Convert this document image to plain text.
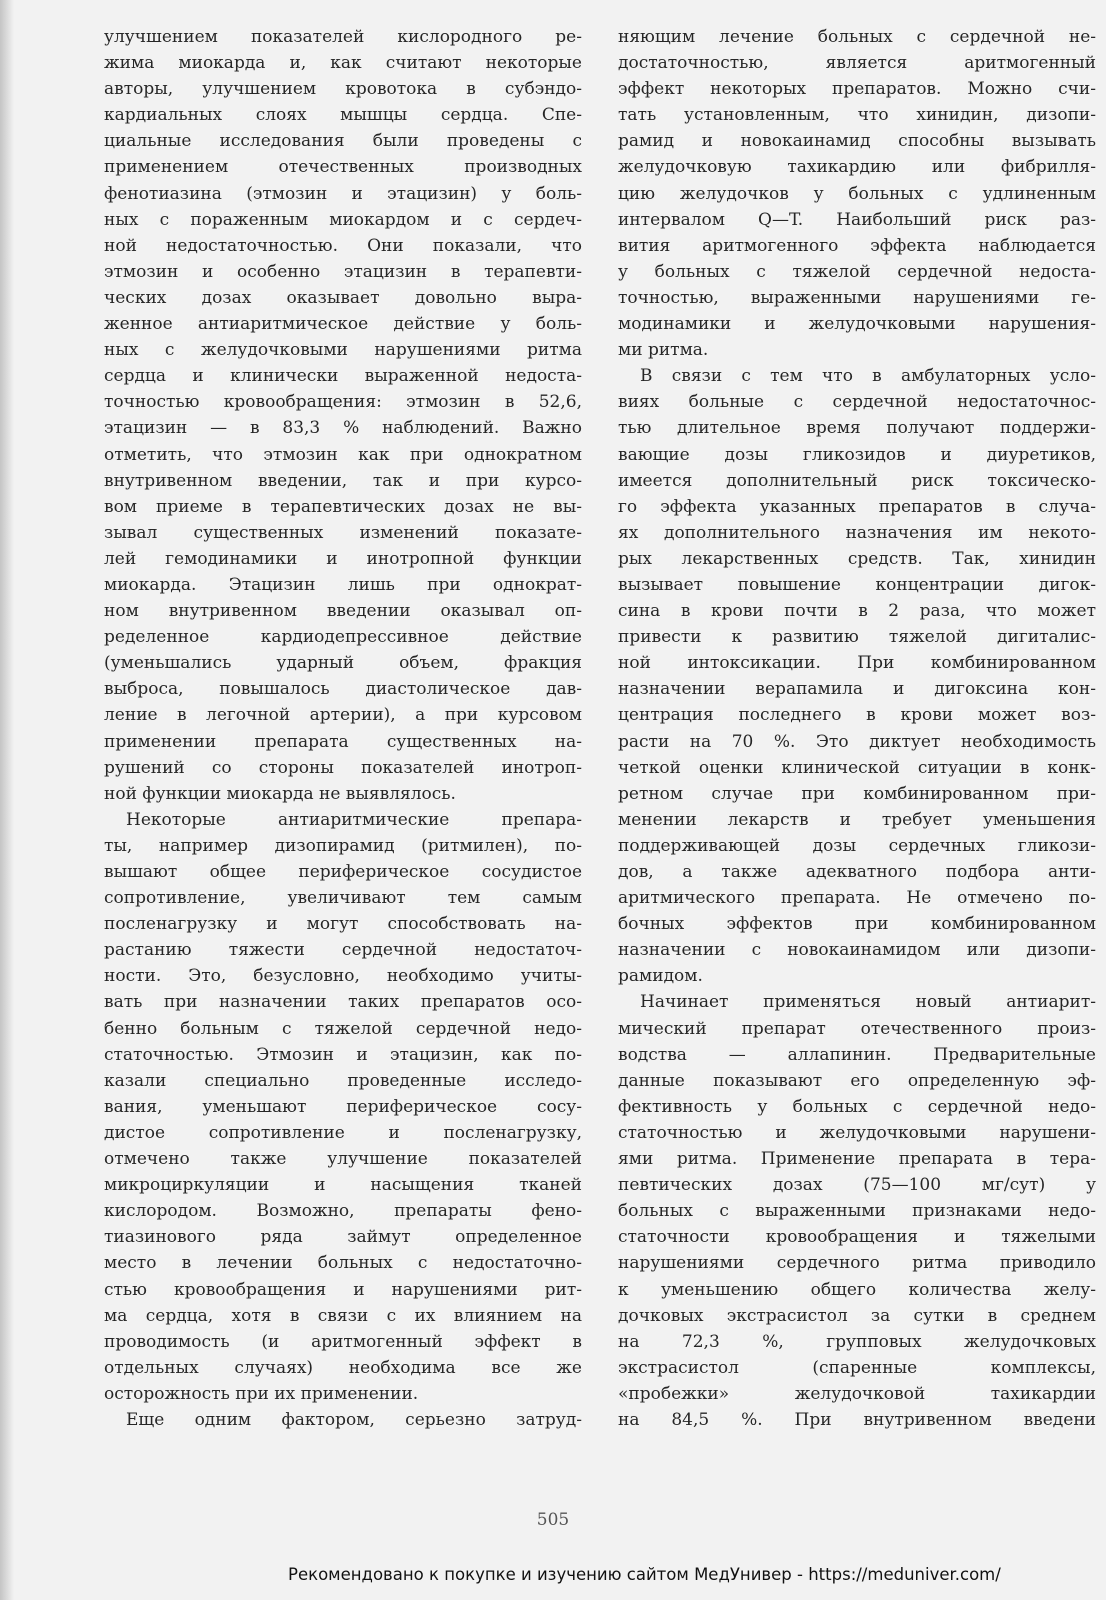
улучшением показателей кислородного ре-
жима миокарда и, как считают некоторые
авторы, улучшением кровотока в субэндо-
кардиальных слоях мышцы сердца. Спе-
циальные исследования были проведены с
применением отечественных производных
фенотиазина (этмозин и этацизин) у боль-
ных с пораженным миокардом и с сердеч-
ной недостаточностью. Они показали, что
этмозин и особенно этацизин в терапевти-
ческих дозах оказывает довольно выра-
женное антиаритмическое действие у боль-
ных с желудочковыми нарушениями ритма
сердца и клинически выраженной недоста-
точностью кровообращения: этмозин в 52,6,
этацизин — в 83,3 % наблюдений. Важно
отметить, что этмозин как при однократном
внутривенном введении, так и при курсо-
вом приеме в терапевтических дозах не вы-
зывал существенных изменений показате-
лей гемодинамики и инотропной функции
миокарда. Этацизин лишь при однократ-
ном внутривенном введении оказывал оп-
ределенное кардиодепрессивное действие
(уменьшались ударный объем, фракция
выброса, повышалось диастолическое дав-
ление в легочной артерии), а при курсовом
применении препарата существенных на-
рушений со стороны показателей инотроп-
ной функции миокарда не выявлялось.
Некоторые антиаритмические препара-
ты, например дизопирамид (ритмилен), по-
вышают общее периферическое сосудистое
сопротивление, увеличивают тем самым
посленагрузку и могут способствовать на-
растанию тяжести сердечной недостаточ-
ности. Это, безусловно, необходимо учиты-
вать при назначении таких препаратов осо-
бенно больным с тяжелой сердечной недо-
статочностью. Этмозин и этацизин, как по-
казали специально проведенные исследо-
вания, уменьшают периферическое сосу-
дистое сопротивление и посленагрузку,
отмечено также улучшение показателей
микроциркуляции и насыщения тканей
кислородом. Возможно, препараты фено-
тиазинового ряда займут определенное
место в лечении больных с недостаточно-
стью кровообращения и нарушениями рит-
ма сердца, хотя в связи с их влиянием на
проводимость (и аритмогенный эффект в
отдельных случаях) необходима все же
осторожность при их применении.
Еще одним фактором, серьезно затруд-
няющим лечение больных с сердечной не-
достаточностью, является аритмогенный
эффект некоторых препаратов. Можно счи-
тать установленным, что хинидин, дизопи-
рамид и новокаинамид способны вызывать
желудочковую тахикардию или фибрилля-
цию желудочков у больных с удлиненным
интервалом Q—T. Наибольший риск раз-
вития аритмогенного эффекта наблюдается
у больных с тяжелой сердечной недоста-
точностью, выраженными нарушениями ге-
модинамики и желудочковыми нарушения-
ми ритма.
В связи с тем что в амбулаторных усло-
виях больные с сердечной недостаточнос-
тью длительное время получают поддержи-
вающие дозы гликозидов и диуретиков,
имеется дополнительный риск токсическо-
го эффекта указанных препаратов в случа-
ях дополнительного назначения им некото-
рых лекарственных средств. Так, хинидин
вызывает повышение концентрации дигок-
сина в крови почти в 2 раза, что может
привести к развитию тяжелой дигиталис-
ной интоксикации. При комбинированном
назначении верапамила и дигоксина кон-
центрация последнего в крови может воз-
расти на 70 %. Это диктует необходимость
четкой оценки клинической ситуации в конк-
ретном случае при комбинированном при-
менении лекарств и требует уменьшения
поддерживающей дозы сердечных гликози-
дов, а также адекватного подбора анти-
аритмического препарата. Не отмечено по-
бочных эффектов при комбинированном
назначении с новокаинамидом или дизопи-
рамидом.
Начинает применяться новый антиарит-
мический препарат отечественного произ-
водства — аллапинин. Предварительные
данные показывают его определенную эф-
фективность у больных с сердечной недо-
статочностью и желудочковыми нарушени-
ями ритма. Применение препарата в тера-
певтических дозах (75—100 мг/сут) у
больных с выраженными признаками недо-
статочности кровообращения и тяжелыми
нарушениями сердечного ритма приводило
к уменьшению общего количества желу-
дочковых экстрасистол за сутки в среднем
на 72,3 %, групповых желудочковых
экстрасистол (спаренные комплексы,
«пробежки» желудочковой тахикардии
на 84,5 %. При внутривенном введени
505
Рекомендовано к покупке и изучению сайтом МедУнивер - https://meduniver.com/
